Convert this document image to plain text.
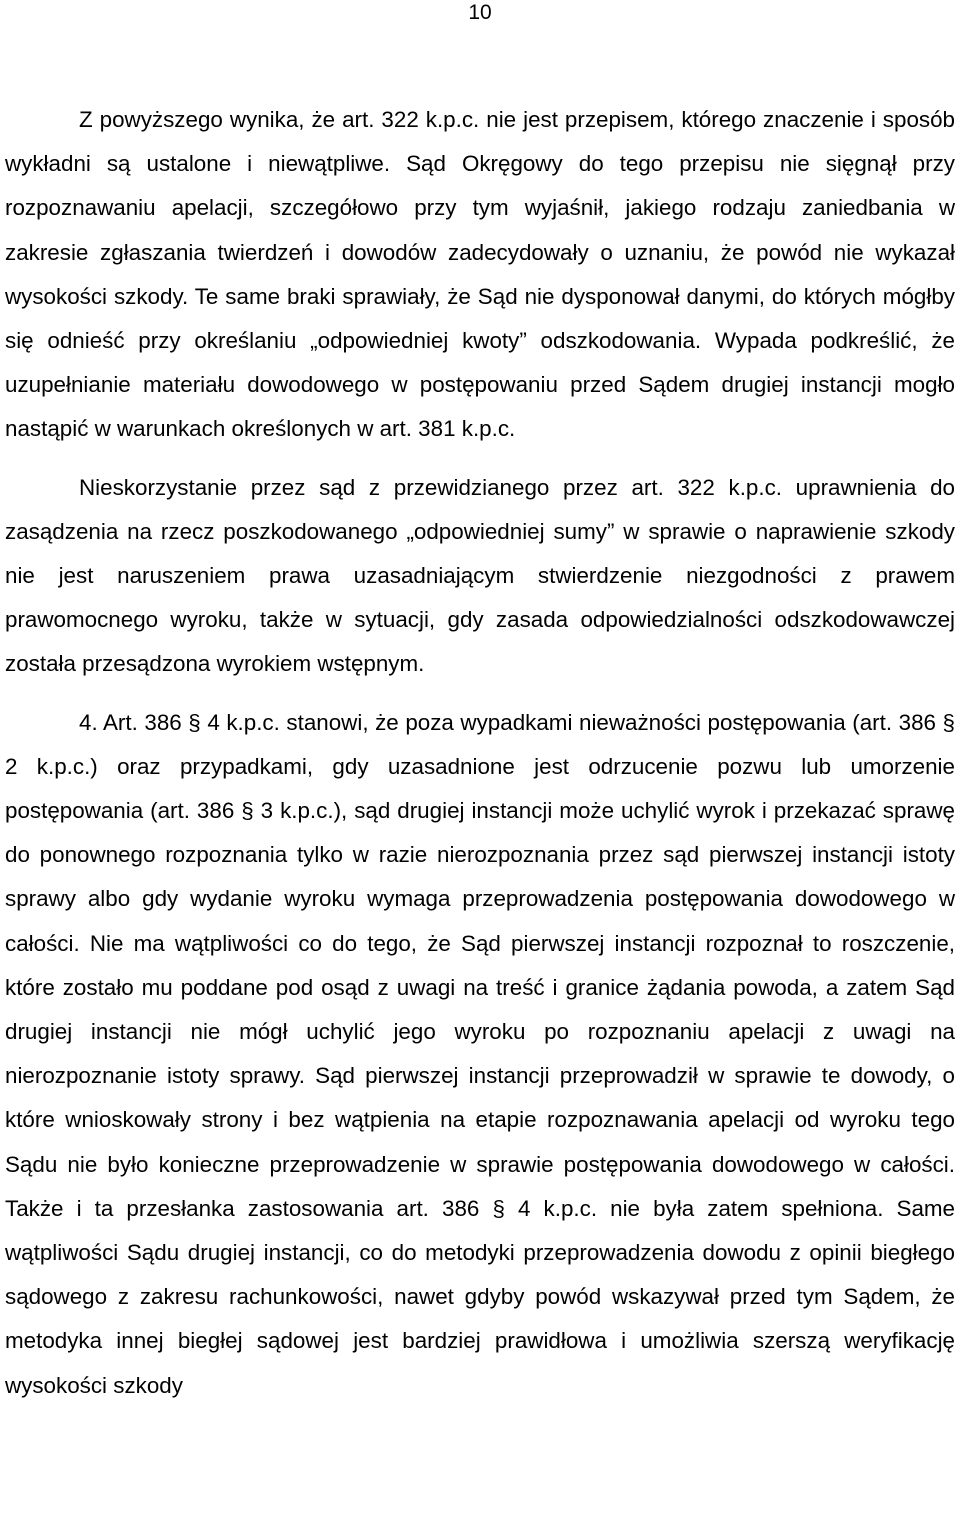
10

Z powyższego wynika, że art. 322 k.p.c. nie jest przepisem, którego znaczenie i sposób wykładni są ustalone i niewątpliwe. Sąd Okręgowy do tego przepisu nie sięgnął przy rozpoznawaniu apelacji, szczegółowo przy tym wyjaśnił, jakiego rodzaju zaniedbania w zakresie zgłaszania twierdzeń i dowodów zadecydowały o uznaniu, że powód nie wykazał wysokości szkody. Te same braki sprawiały, że Sąd nie dysponował danymi, do których mógłby się odnieść przy określaniu „odpowiedniej kwoty” odszkodowania. Wypada podkreślić, że uzupełnianie materiału dowodowego w postępowaniu przed Sądem drugiej instancji mogło nastąpić w warunkach określonych w art. 381 k.p.c.

Nieskorzystanie przez sąd z przewidzianego przez art. 322 k.p.c. uprawnienia do zasądzenia na rzecz poszkodowanego „odpowiedniej sumy” w sprawie o naprawienie szkody nie jest naruszeniem prawa uzasadniającym stwierdzenie niezgodności z prawem prawomocnego wyroku, także w sytuacji, gdy zasada odpowiedzialności odszkodowawczej została przesądzona wyrokiem wstępnym.

4. Art. 386 § 4 k.p.c. stanowi, że poza wypadkami nieważności postępowania (art. 386 § 2 k.p.c.) oraz przypadkami, gdy uzasadnione jest odrzucenie pozwu lub umorzenie postępowania (art. 386 § 3 k.p.c.), sąd drugiej instancji może uchylić wyrok i przekazać sprawę do ponownego rozpoznania tylko w razie nierozpoznania przez sąd pierwszej instancji istoty sprawy albo gdy wydanie wyroku wymaga przeprowadzenia postępowania dowodowego w całości. Nie ma wątpliwości co do tego, że Sąd pierwszej instancji rozpoznał to roszczenie, które zostało mu poddane pod osąd z uwagi na treść i granice żądania powoda, a zatem Sąd drugiej instancji nie mógł uchylić jego wyroku po rozpoznaniu apelacji z uwagi na nierozpoznanie istoty sprawy. Sąd pierwszej instancji przeprowadził w sprawie te dowody, o które wnioskowały strony i bez wątpienia na etapie rozpoznawania apelacji od wyroku tego Sądu nie było konieczne przeprowadzenie w sprawie postępowania dowodowego w całości. Także i ta przesłanka zastosowania art. 386 § 4 k.p.c. nie była zatem spełniona. Same wątpliwości Sądu drugiej instancji, co do metodyki przeprowadzenia dowodu z opinii biegłego sądowego z zakresu rachunkowości, nawet gdyby powód wskazywał przed tym Sądem, że metodyka innej biegłej sądowej jest bardziej prawidłowa i umożliwia szerszą weryfikację wysokości szkody
